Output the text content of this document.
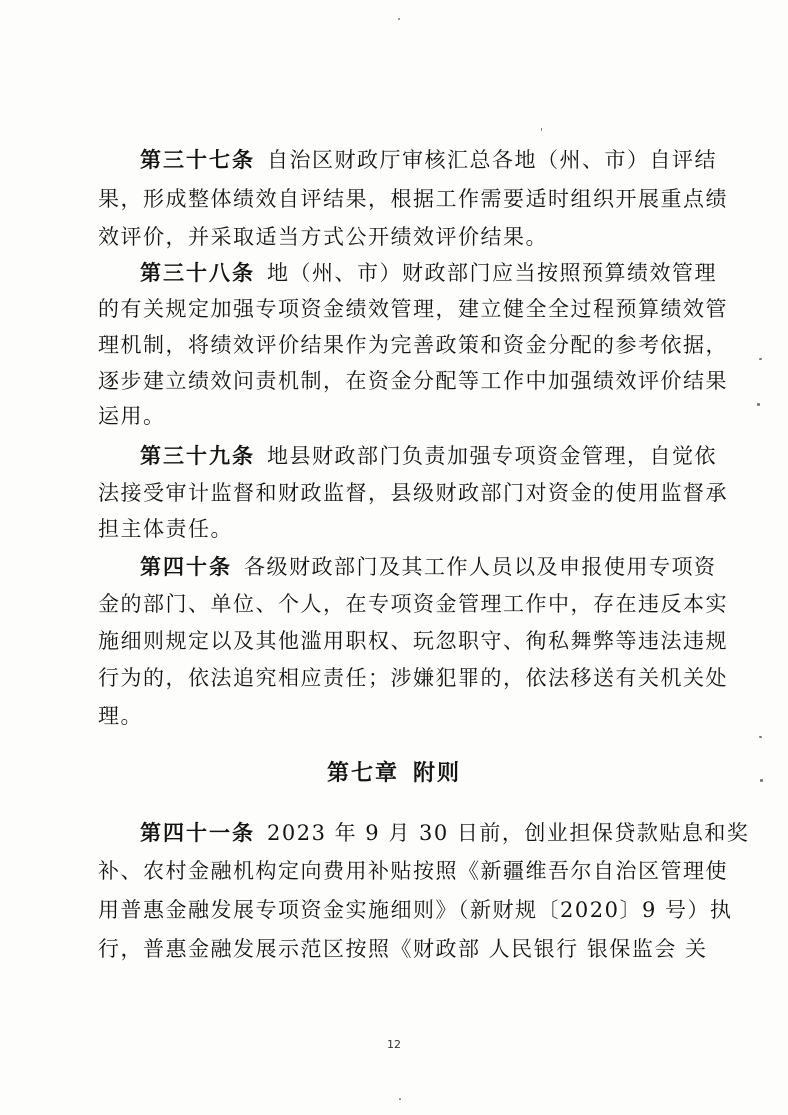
第三十七条 自治区财政厅审核汇总各地（州、市）自评结
果，形成整体绩效自评结果，根据工作需要适时组织开展重点绩
效评价，并采取适当方式公开绩效评价结果。
第三十八条 地（州、市）财政部门应当按照预算绩效管理
的有关规定加强专项资金绩效管理，建立健全全过程预算绩效管
理机制，将绩效评价结果作为完善政策和资金分配的参考依据，
逐步建立绩效问责机制，在资金分配等工作中加强绩效评价结果
运用。
第三十九条 地县财政部门负责加强专项资金管理，自觉依
法接受审计监督和财政监督，县级财政部门对资金的使用监督承
担主体责任。
第四十条 各级财政部门及其工作人员以及申报使用专项资
金的部门、单位、个人，在专项资金管理工作中，存在违反本实
施细则规定以及其他滥用职权、玩忽职守、徇私舞弊等违法违规
行为的，依法追究相应责任；涉嫌犯罪的，依法移送有关机关处
理。
第七章 附则
第四十一条 2023 年 9 月 30 日前，创业担保贷款贴息和奖
补、农村金融机构定向费用补贴按照《新疆维吾尔自治区管理使
用普惠金融发展专项资金实施细则》（新财规〔2020〕9 号）执
行，普惠金融发展示范区按照《财政部 人民银行 银保监会 关
12
